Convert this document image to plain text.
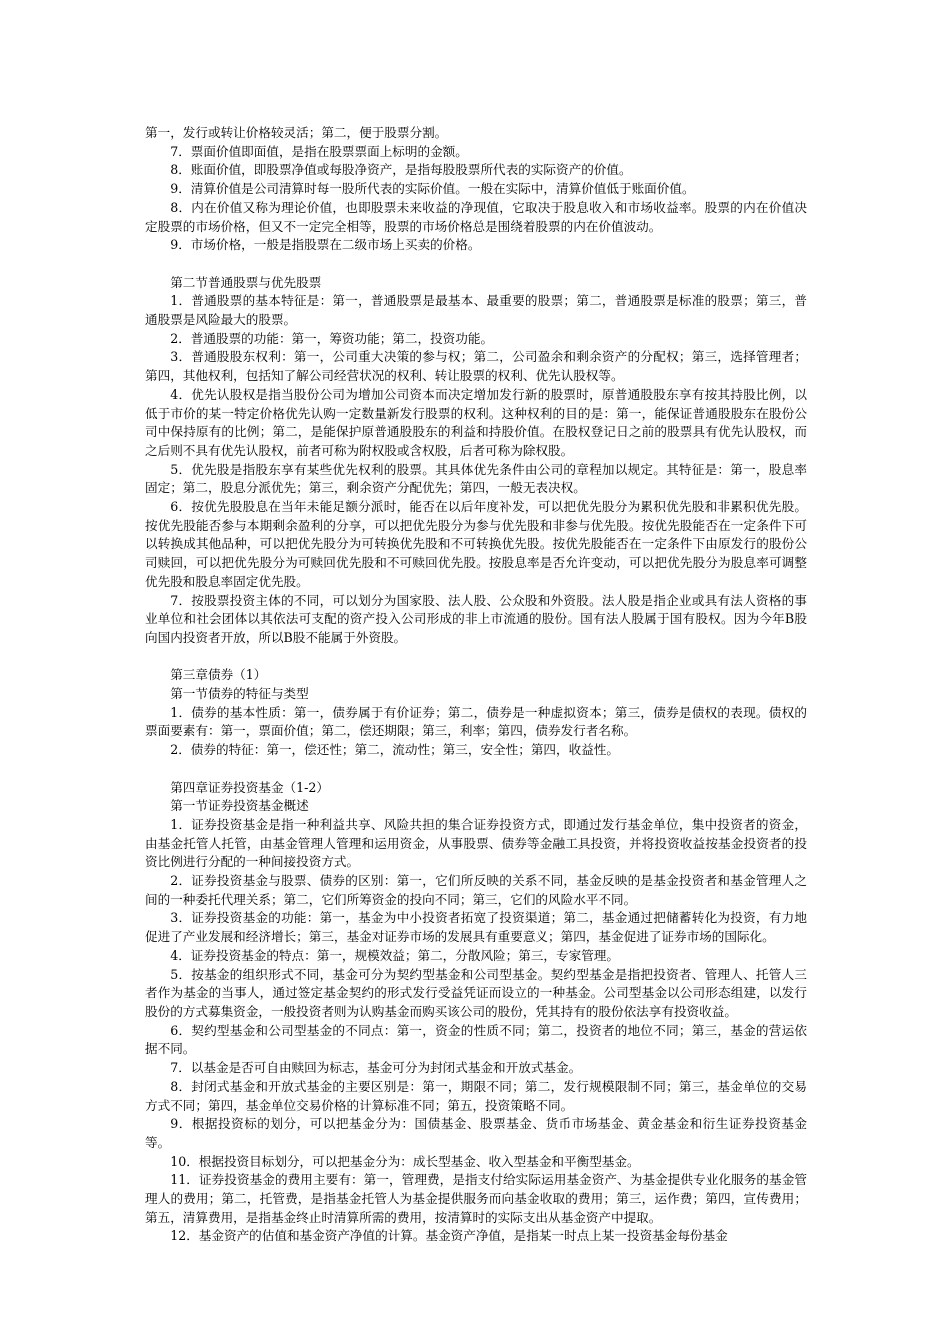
第一，发行或转让价格较灵活；第二，便于股票分割。

7．票面价值即面值，是指在股票票面上标明的金额。

8．账面价值，即股票净值或每股净资产，是指每股股票所代表的实际资产的价值。

9．清算价值是公司清算时每一股所代表的实际价值。一般在实际中，清算价值低于账面价值。

8．内在价值又称为理论价值，也即股票未来收益的净现值，它取决于股息收入和市场收益率。股票的内在价值决定股票的市场价格，但又不一定完全相等，股票的市场价格总是围绕着股票的内在价值波动。

9．市场价格，一般是指股票在二级市场上买卖的价格。

第二节普通股票与优先股票

1．普通股票的基本特征是：第一，普通股票是最基本、最重要的股票；第二，普通股票是标准的股票；第三，普通股票是风险最大的股票。

2．普通股票的功能：第一，筹资功能；第二，投资功能。

3．普通股股东权利：第一，公司重大决策的参与权；第二，公司盈余和剩余资产的分配权；第三，选择管理者；第四，其他权利，包括知了解公司经营状况的权利、转让股票的权利、优先认股权等。

4．优先认股权是指当股份公司为增加公司资本而决定增加发行新的股票时，原普通股股东享有按其持股比例，以低于市价的某一特定价格优先认购一定数量新发行股票的权利。这种权利的目的是：第一，能保证普通股股东在股份公司中保持原有的比例；第二，是能保护原普通股股东的利益和持股价值。在股权登记日之前的股票具有优先认股权，而之后则不具有优先认股权，前者可称为附权股或含权股，后者可称为除权股。

5．优先股是指股东享有某些优先权利的股票。其具体优先条件由公司的章程加以规定。其特征是：第一，股息率固定；第二，股息分派优先；第三，剩余资产分配优先；第四，一般无表决权。

6．按优先股股息在当年未能足额分派时，能否在以后年度补发，可以把优先股分为累积优先股和非累积优先股。按优先股能否参与本期剩余盈利的分享，可以把优先股分为参与优先股和非参与优先股。按优先股能否在一定条件下可以转换成其他品种，可以把优先股分为可转换优先股和不可转换优先股。按优先股能否在一定条件下由原发行的股份公司赎回，可以把优先股分为可赎回优先股和不可赎回优先股。按股息率是否允许变动，可以把优先股分为股息率可调整优先股和股息率固定优先股。

7．按股票投资主体的不同，可以划分为国家股、法人股、公众股和外资股。法人股是指企业或具有法人资格的事业单位和社会团体以其依法可支配的资产投入公司形成的非上市流通的股份。国有法人股属于国有股权。因为今年B股向国内投资者开放，所以B股不能属于外资股。

第三章债券（1）

第一节债券的特征与类型

1．债券的基本性质：第一，债券属于有价证券；第二，债券是一种虚拟资本；第三，债券是债权的表现。债权的票面要素有：第一，票面价值；第二，偿还期限；第三，利率；第四，债券发行者名称。

2．债券的特征：第一，偿还性；第二，流动性；第三，安全性；第四，收益性。

第四章证券投资基金（1-2）

第一节证券投资基金概述

1．证券投资基金是指一种利益共享、风险共担的集合证券投资方式，即通过发行基金单位，集中投资者的资金，由基金托管人托管，由基金管理人管理和运用资金，从事股票、债券等金融工具投资，并将投资收益按基金投资者的投资比例进行分配的一种间接投资方式。

2．证券投资基金与股票、债券的区别：第一，它们所反映的关系不同，基金反映的是基金投资者和基金管理人之间的一种委托代理关系；第二，它们所筹资金的投向不同；第三，它们的风险水平不同。

3．证券投资基金的功能：第一，基金为中小投资者拓宽了投资渠道；第二，基金通过把储蓄转化为投资，有力地促进了产业发展和经济增长；第三，基金对证券市场的发展具有重要意义；第四，基金促进了证券市场的国际化。

4．证券投资基金的特点：第一，规模效益；第二，分散风险；第三，专家管理。

5．按基金的组织形式不同，基金可分为契约型基金和公司型基金。契约型基金是指把投资者、管理人、托管人三者作为基金的当事人，通过签定基金契约的形式发行受益凭证而设立的一种基金。公司型基金以公司形态组建，以发行股份的方式募集资金，一般投资者则为认购基金而购买该公司的股份，凭其持有的股份依法享有投资收益。

6．契约型基金和公司型基金的不同点：第一，资金的性质不同；第二，投资者的地位不同；第三，基金的营运依据不同。

7．以基金是否可自由赎回为标志，基金可分为封闭式基金和开放式基金。

8．封闭式基金和开放式基金的主要区别是：第一，期限不同；第二，发行规模限制不同；第三，基金单位的交易方式不同；第四，基金单位交易价格的计算标准不同；第五，投资策略不同。

9．根据投资标的划分，可以把基金分为：国债基金、股票基金、货币市场基金、黄金基金和衍生证券投资基金等。

10．根据投资目标划分，可以把基金分为：成长型基金、收入型基金和平衡型基金。

11．证券投资基金的费用主要有：第一，管理费，是指支付给实际运用基金资产、为基金提供专业化服务的基金管理人的费用；第二，托管费，是指基金托管人为基金提供服务而向基金收取的费用；第三，运作费；第四，宣传费用；第五，清算费用，是指基金终止时清算所需的费用，按清算时的实际支出从基金资产中提取。

12．基金资产的估值和基金资产净值的计算。基金资产净值，是指某一时点上某一投资基金每份基金
